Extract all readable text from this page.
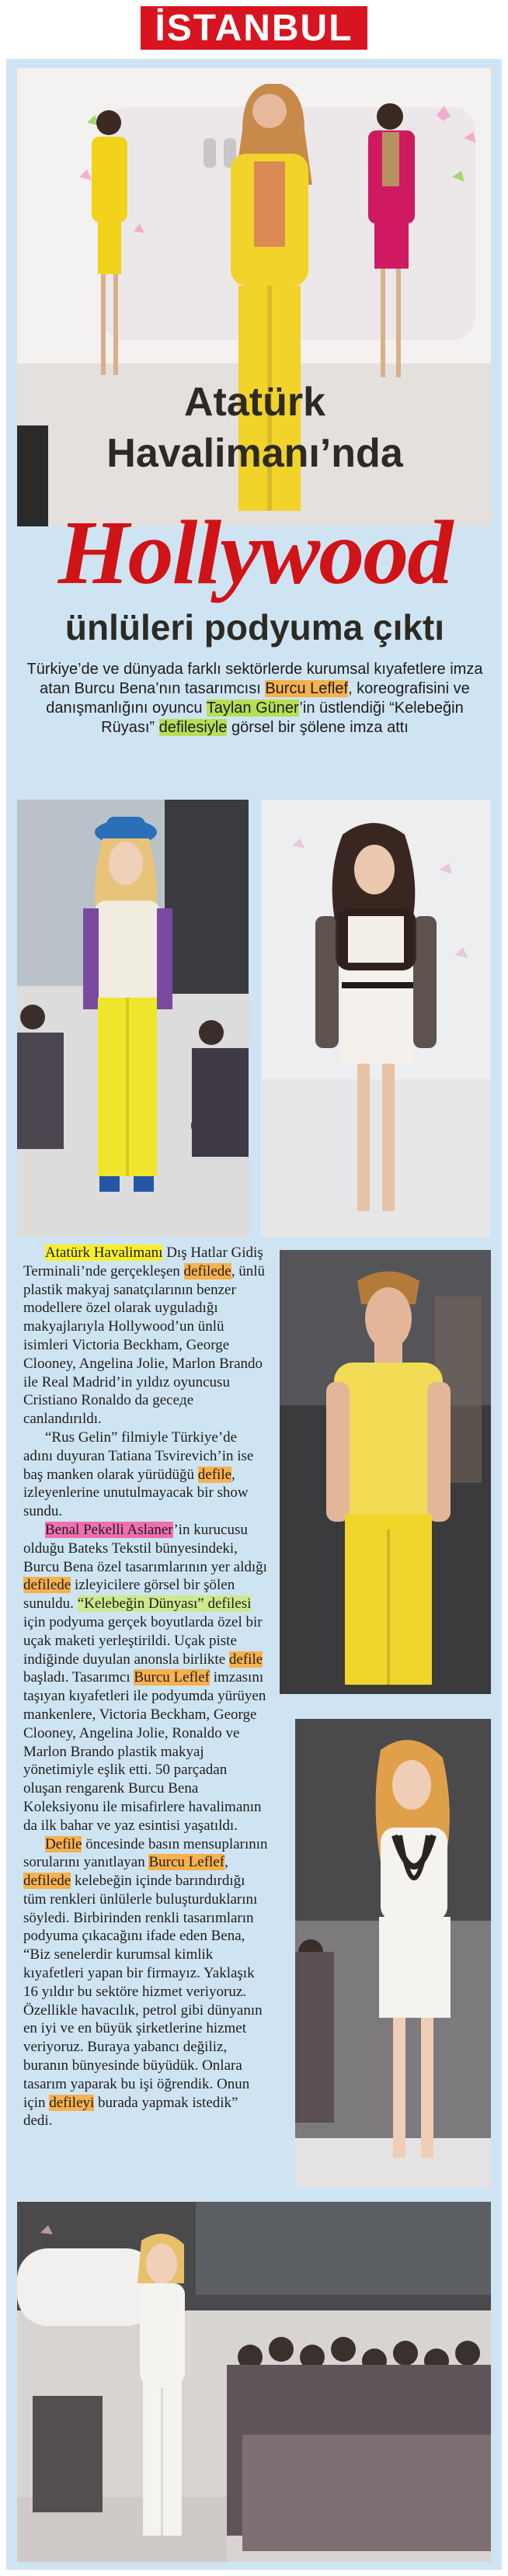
İSTANBUL
Atatürk
Havalimanı’nda
Hollywood
ünlüleri podyuma çıktı
Türkiye’de ve dünyada farklı sektörlerde kurumsal kıyafetlere imza atan Burcu Bena’nın tasarımcısı Burcu Leflef, koreografisini ve danışmanlığını oyuncu Taylan Güner’in üstlendiği “Kelebeğin Rüyası” defilesiyle görsel bir şölene imza attı

Atatürk Havalimanı Dış Hatlar Gidiş Terminali’nde gerçekleşen defilede, ünlü plastik makyaj sanatçılarının benzer modellere özel olarak uyguladığı makyajlarıyla Hollywood’un ünlü isimleri Victoria Beckham, George Clooney, Angelina Jolie, Marlon Brando ile Real Madrid’in yıldız oyuncusu Cristiano Ronaldo da geceде canlandırıldı.

“Rus Gelin” filmiyle Türkiye’de adını duyuran Tatiana Tsvirevich’in ise baş manken olarak yürüdüğü defile, izleyenlerine unutulmayacak bir show sundu.

Benal Pekelli Aslaner’in kurucusu olduğu Bateks Tekstil bünyesindeki, Burcu Bena özel tasarımlarının yer aldığı defilede izleyicilere görsel bir şölen sunuldu. “Kelebeğin Dünyası” defilesi için podyuma gerçek boyutlarda özel bir uçak maketi yerleştirildi. Uçak piste indiğinde duyulan anonsla birlikte defile başladı. Tasarımcı Burcu Leflef imzasını taşıyan kıyafetleri ile podyumda yürüyen mankenlere, Victoria Beckham, George Clooney, Angelina Jolie, Ronaldo ve Marlon Brando plastik makyaj yönetimiyle eşlik etti. 50 parçadan oluşan rengarenk Burcu Bena Koleksiyonu ile misafirlere havalimanın da ilk bahar ve yaz esintisi yaşatıldı.

Defile öncesinde basın mensuplarının sorularını yanıtlayan Burcu Leflef, defilede kelebeğin içinde barındırdığı tüm renkleri ünlülerle buluşturduklarını söyledi. Birbirinden renkli tasarımların podyuma çıkacağını ifade eden Bena, “Biz senelerdir kurumsal kimlik kıyafetleri yapan bir firmayız. Yaklaşık 16 yıldır bu sektöre hizmet veriyoruz. Özellikle havacılık, petrol gibi dünyanın en iyi ve en büyük şirketlerine hizmet veriyoruz. Buraya yabancı değiliz, buranın bünyesinde büyüdük. Onlara tasarım yaparak bu işi öğrendik. Onun için defileyi burada yapmak istedik” dedi.
